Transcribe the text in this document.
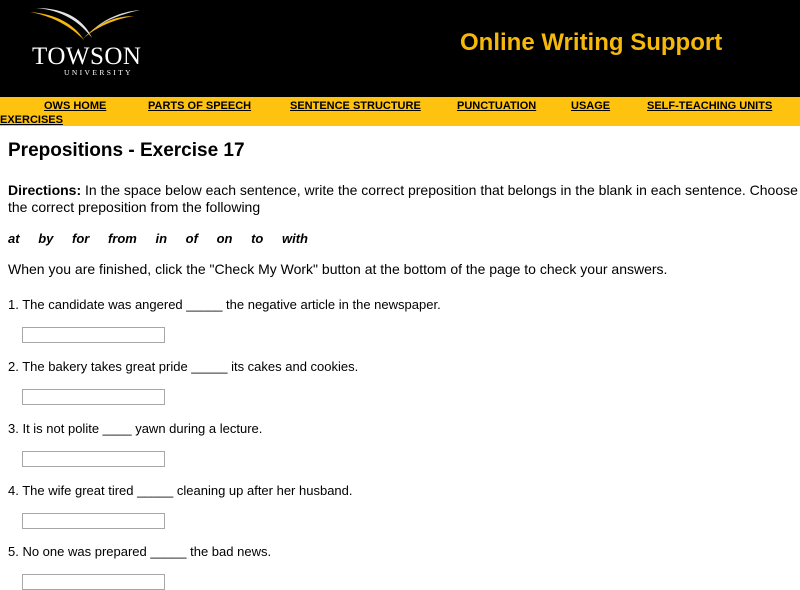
TOWSON
UNIVERSITY
Online Writing Support
OWS HOME	PARTS OF SPEECH	SENTENCE STRUCTURE	PUNCTUATION	USAGE	SELF-TEACHING UNITS
EXERCISES
Prepositions - Exercise 17
Directions: In the space below each sentence, write the correct preposition that belongs in the blank in each sentence. Choose the correct preposition from the following
at by for from in of on to with
When you are finished, click the "Check My Work" button at the bottom of the page to check your answers.
1. The candidate was angered _____ the negative article in the newspaper.
2. The bakery takes great pride _____ its cakes and cookies.
3. It is not polite ____ yawn during a lecture.
4. The wife great tired _____ cleaning up after her husband.
5. No one was prepared _____ the bad news.
